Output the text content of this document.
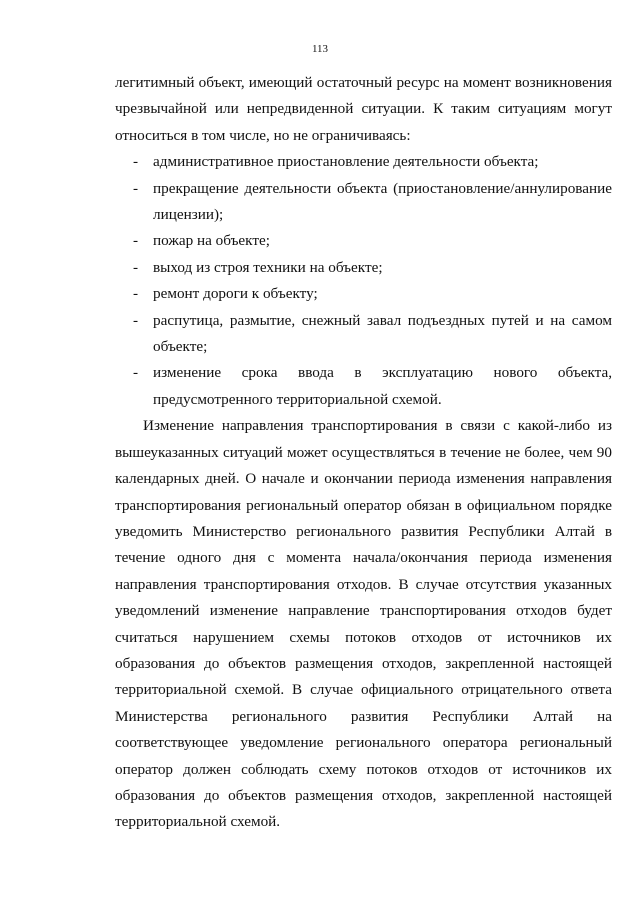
113

легитимный объект, имеющий остаточный ресурс на момент возникновения чрезвычайной или непредвиденной ситуации. К таким ситуациям могут относиться в том числе, но не ограничиваясь:

- административное приостановление деятельности объекта;
- прекращение деятельности объекта (приостановление/аннулирование лицензии);
- пожар на объекте;
- выход из строя техники на объекте;
- ремонт дороги к объекту;
- распутица, размытие, снежный завал подъездных путей и на самом объекте;
- изменение срока ввода в эксплуатацию нового объекта, предусмотренного территориальной схемой.

Изменение направления транспортирования в связи с какой-либо из вышеуказанных ситуаций может осуществляться в течение не более, чем 90 календарных дней. О начале и окончании периода изменения направления транспортирования региональный оператор обязан в официальном порядке уведомить Министерство регионального развития Республики Алтай в течение одного дня с момента начала/окончания периода изменения направления транспортирования отходов. В случае отсутствия указанных уведомлений изменение направление транспортирования отходов будет считаться нарушением схемы потоков отходов от источников их образования до объектов размещения отходов, закрепленной настоящей территориальной схемой. В случае официального отрицательного ответа Министерства регионального развития Республики Алтай на соответствующее уведомление регионального оператора региональный оператор должен соблюдать схему потоков отходов от источников их образования до объектов размещения отходов, закрепленной настоящей территориальной схемой.
